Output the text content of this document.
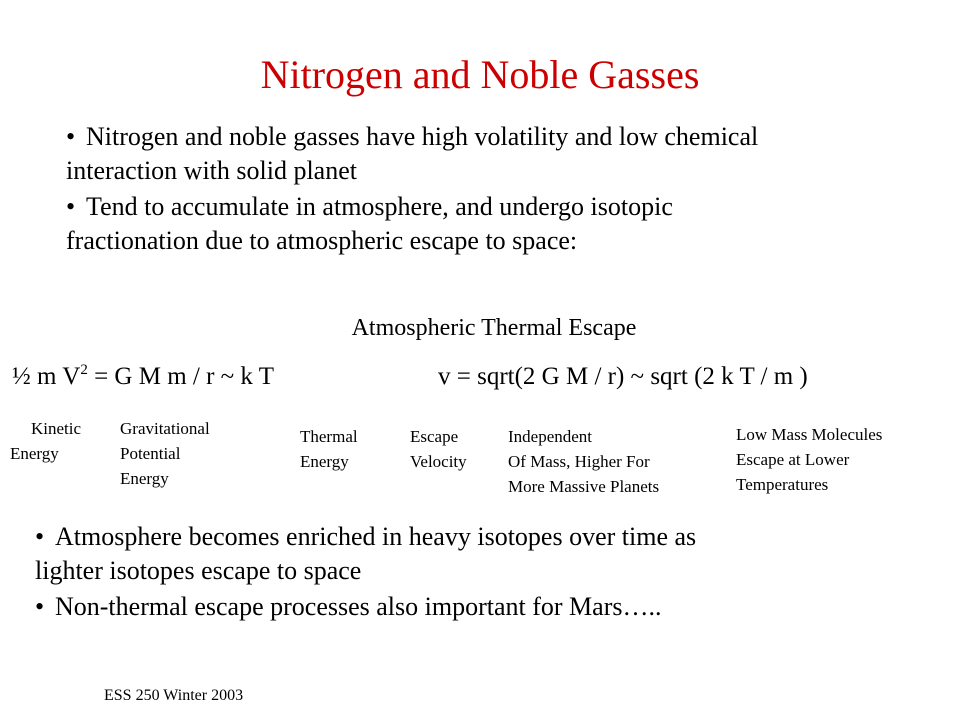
Nitrogen and Noble Gasses
• Nitrogen and noble gasses have high volatility and low chemical
interaction with solid planet
• Tend to accumulate in atmosphere, and undergo isotopic
fractionation due to atmospheric escape to space:
Atmospheric Thermal Escape
½ m $V^2 = G$ M m / r ~ k T	v = sqrt(2 G M / r) ~ sqrt (2 k T / m )
Kinetic
Energy
Gravitational
Potential
Energy
Thermal
Energy
Escape
Velocity
Independent
Of Mass, Higher For
More Massive Planets
Low Mass Molecules
Escape at Lower
Temperatures
• Atmosphere becomes enriched in heavy isotopes over time as
lighter isotopes escape to space
• Non-thermal escape processes also important for Mars…..
ESS 250 Winter 2003
